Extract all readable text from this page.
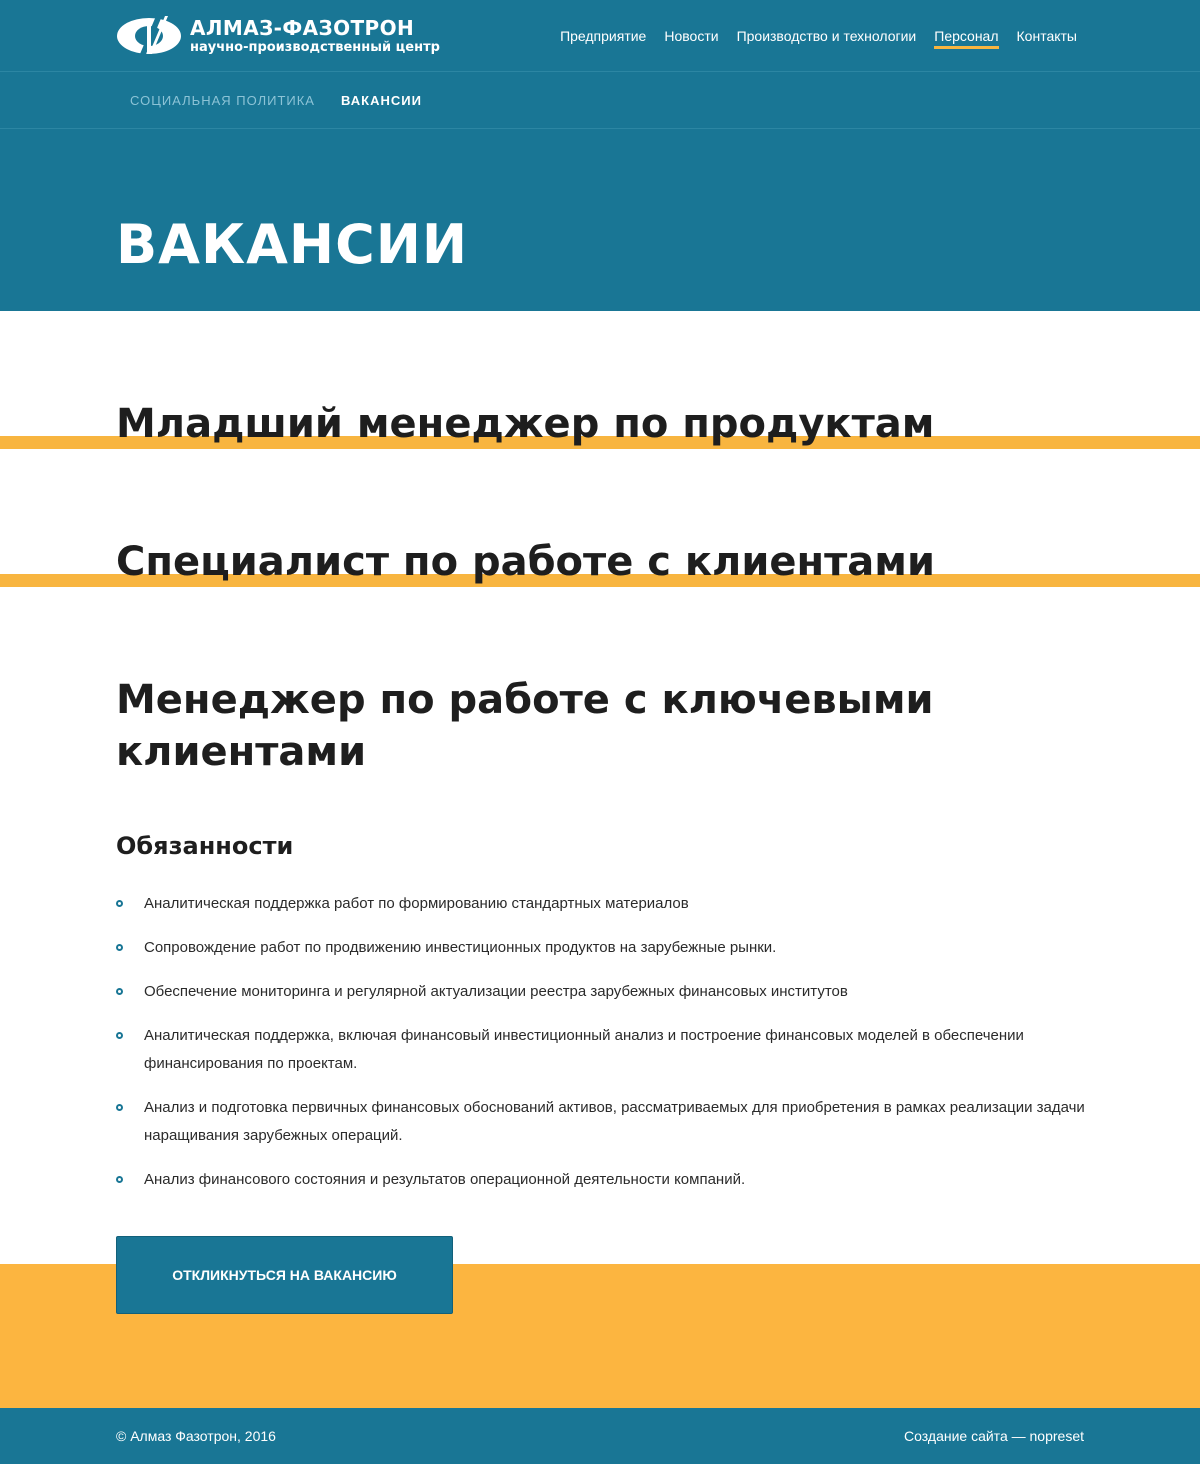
АЛМАЗ-ФАЗОТРОН
научно-производственный центр
Предприятие Новости Производство и технологии Персонал Контакты
СОЦИАЛЬНАЯ ПОЛИТИКА ВАКАНСИИ
ВАКАНСИИ
Младший менеджер по продуктам
Специалист по работе с клиентами
Менеджер по работе с ключевыми клиентами
Обязанности
Аналитическая поддержка работ по формированию стандартных материалов
Сопровождение работ по продвижению инвестиционных продуктов на зарубежные рынки.
Обеспечение мониторинга и регулярной актуализации реестра зарубежных финансовых институтов
Аналитическая поддержка, включая финансовый инвестиционный анализ и построение финансовых моделей в обеспечении финансирования по проектам.
Анализ и подготовка первичных финансовых обоснований активов, рассматриваемых для приобретения в рамках реализации задачи наращивания зарубежных операций.
Анализ финансового состояния и результатов операционной деятельности компаний.
ОТКЛИКНУТЬСЯ НА ВАКАНСИЮ
© Алмаз Фазотрон, 2016	Создание сайта — nopreset
